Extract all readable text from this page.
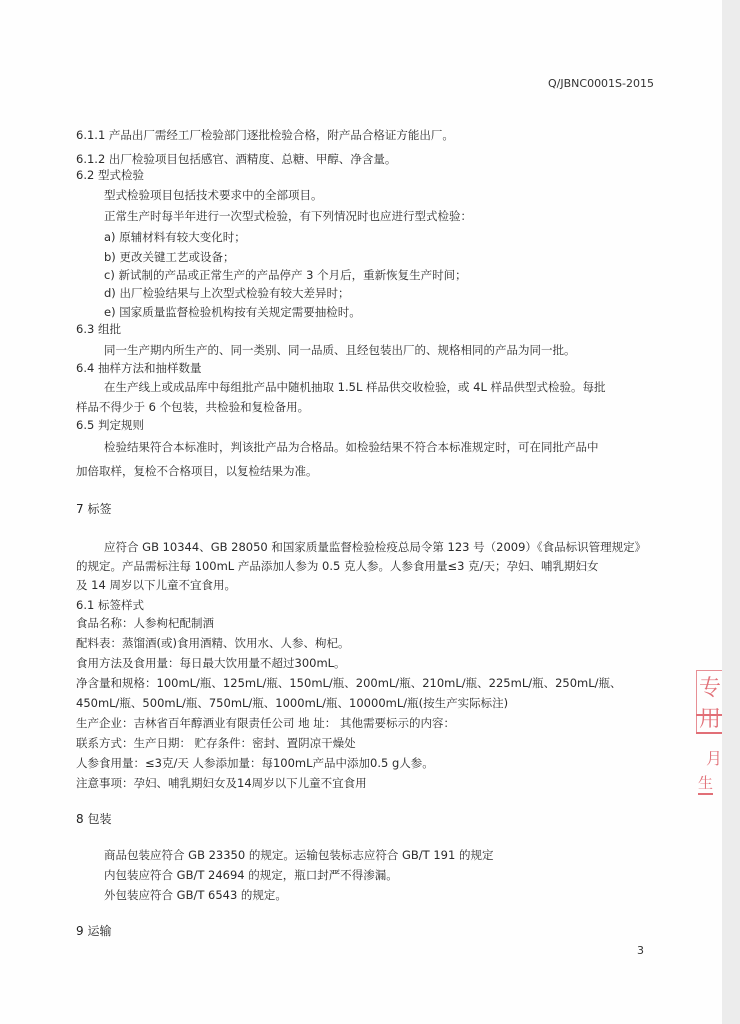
Q/JBNC0001S-2015
6.1.1 产品出厂需经工厂检验部门逐批检验合格，附产品合格证方能出厂。
6.1.2 出厂检验项目包括感官、酒精度、总糖、甲醇、净含量。
6.2 型式检验
型式检验项目包括技术要求中的全部项目。
正常生产时每半年进行一次型式检验，有下列情况时也应进行型式检验：
a) 原辅材料有较大变化时；
b) 更改关键工艺或设备；
c) 新试制的产品或正常生产的产品停产 3 个月后，重新恢复生产时间；
d) 出厂检验结果与上次型式检验有较大差异时；
e) 国家质量监督检验机构按有关规定需要抽检时。
6.3 组批
同一生产期内所生产的、同一类别、同一品质、且经包装出厂的、规格相同的产品为同一批。
6.4 抽样方法和抽样数量
在生产线上或成品库中每组批产品中随机抽取 1.5L 样品供交收检验，或 4L 样品供型式检验。每批
样品不得少于 6 个包装，共检验和复检备用。
6.5 判定规则
检验结果符合本标准时，判该批产品为合格品。如检验结果不符合本标准规定时，可在同批产品中
加倍取样，复检不合格项目，以复检结果为准。
7 标签
应符合 GB 10344、GB 28050 和国家质量监督检验检疫总局令第 123 号（2009）《食品标识管理规定》
的规定。产品需标注每 100mL 产品添加人参为 0.5 克人参。人参食用量≤3 克/天；孕妇、哺乳期妇女
及 14 周岁以下儿童不宜食用。
6.1 标签样式
食品名称：人参枸杞配制酒
配料表：蒸馏酒(或)食用酒精、饮用水、人参、枸杞。
食用方法及食用量：每日最大饮用量不超过300mL。
净含量和规格：100mL/瓶、125mL/瓶、150mL/瓶、200mL/瓶、210mL/瓶、225mL/瓶、250mL/瓶、
450mL/瓶、500mL/瓶、750mL/瓶、1000mL/瓶、10000mL/瓶(按生产实际标注)
生产企业：吉林省百年醇酒业有限责任公司 地 址： 其他需要标示的内容：
联系方式：生产日期： 贮存条件：密封、置阴凉干燥处
人参食用量：≤3克/天 人参添加量：每100mL产品中添加0.5 g人参。
注意事项：孕妇、哺乳期妇女及14周岁以下儿童不宜食用
8 包装
商品包装应符合 GB 23350 的规定。运输包装标志应符合 GB/T 191 的规定
内包装应符合 GB/T 24694 的规定，瓶口封严不得渗漏。
外包装应符合 GB/T 6543 的规定。
9 运输
3
专用
月
生
